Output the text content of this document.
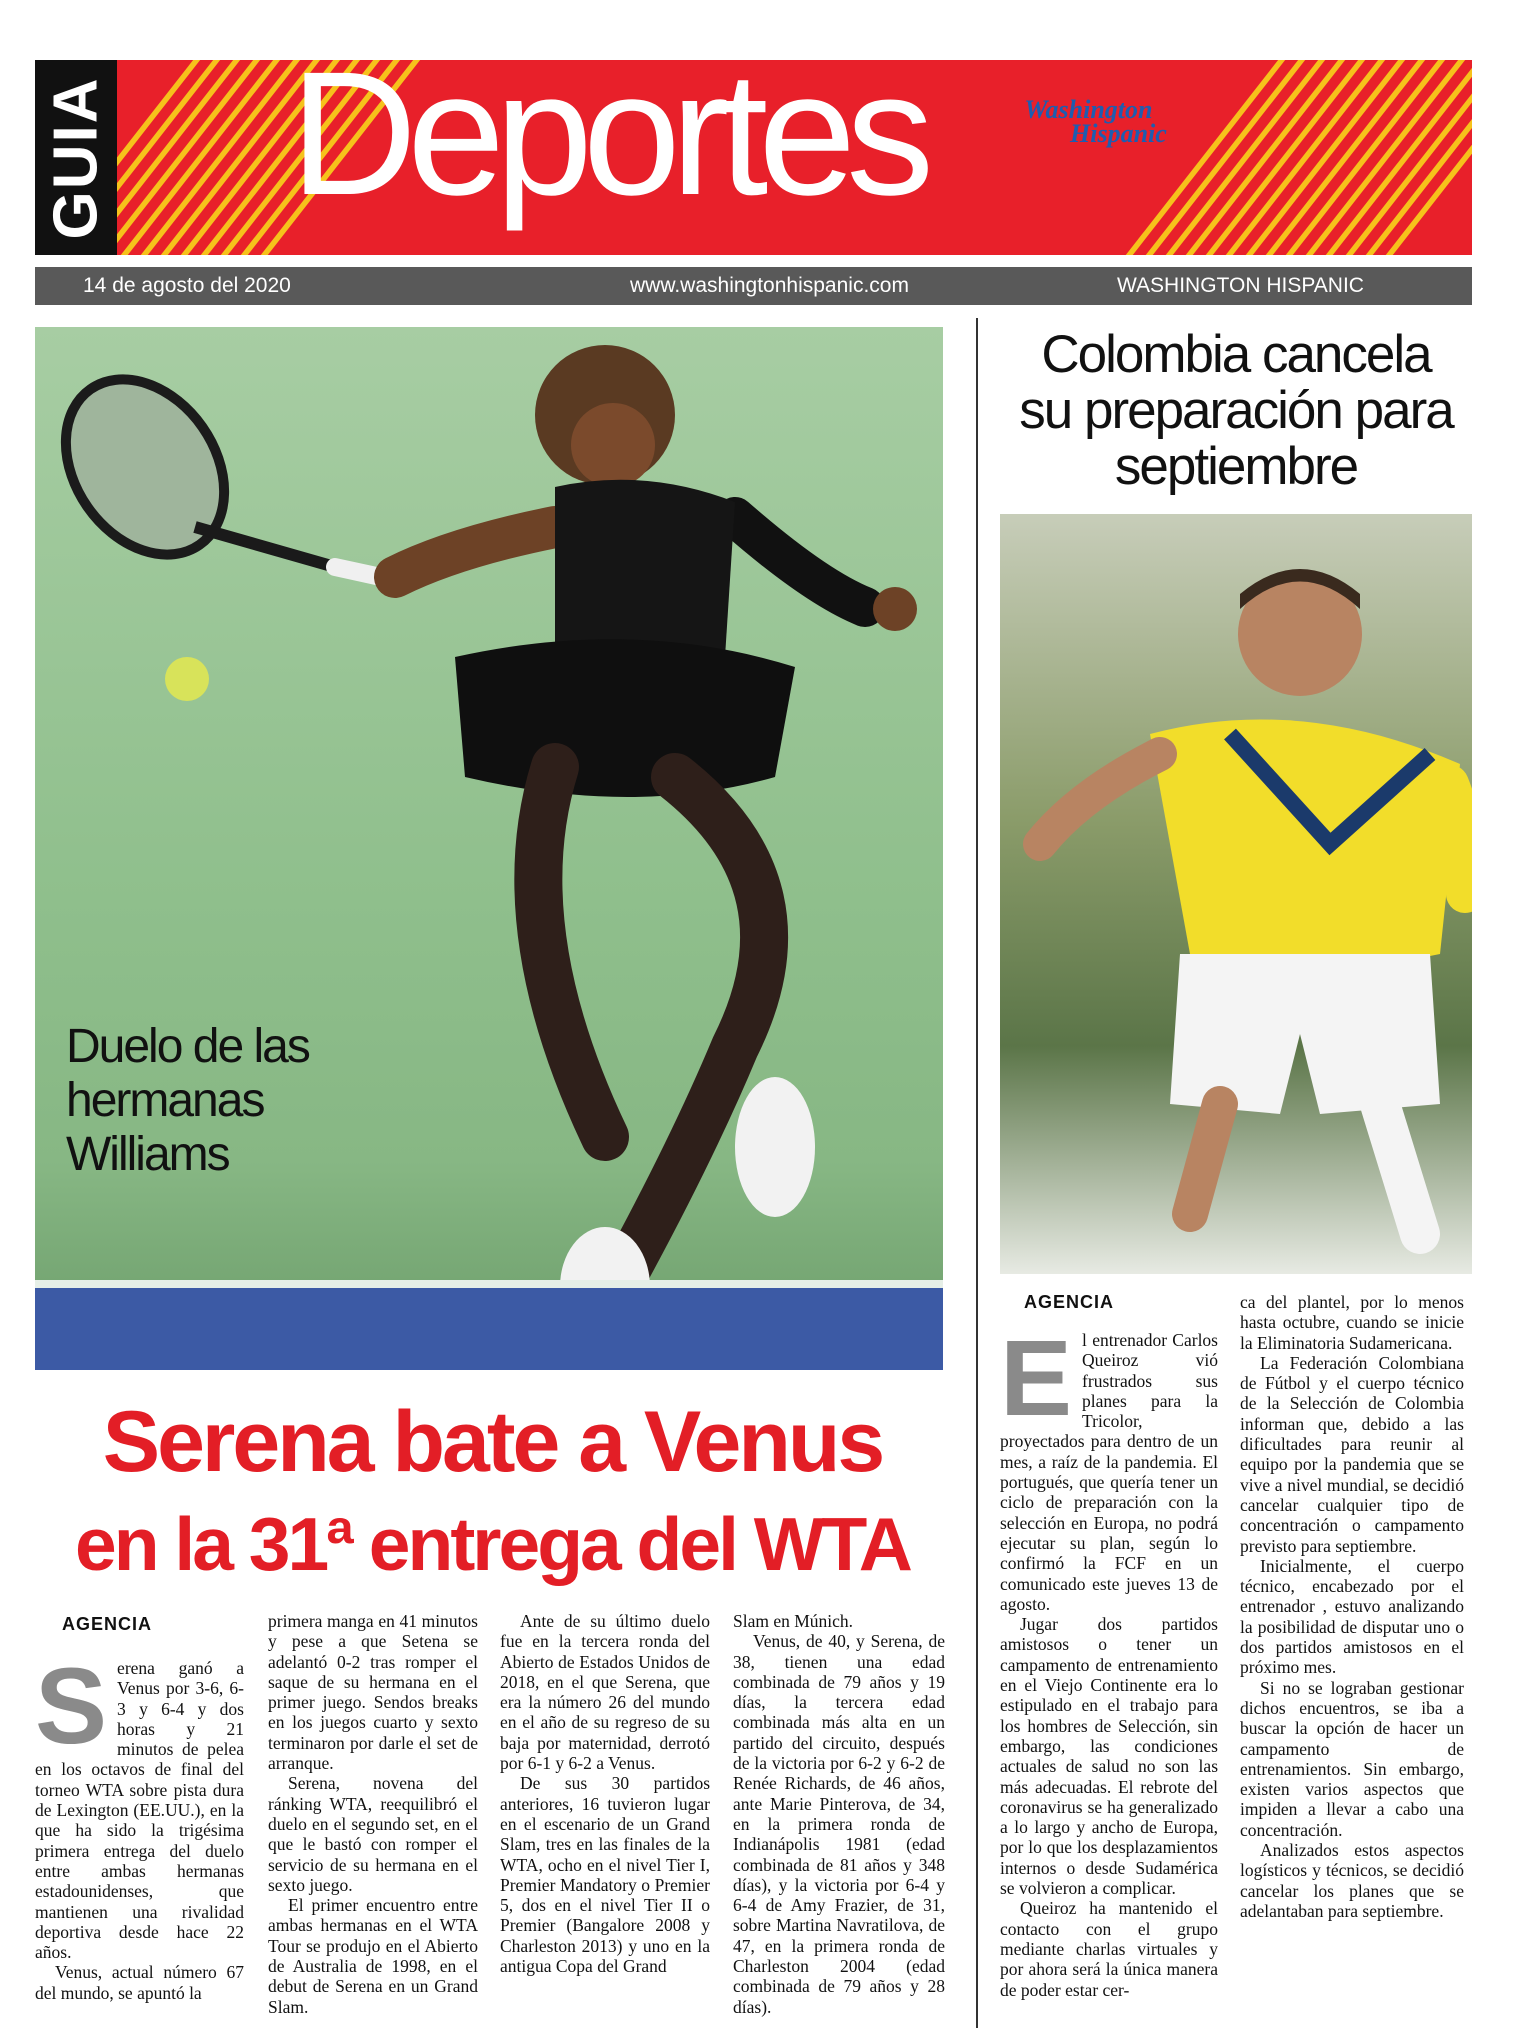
GUIA Deportes	Washington
Hispanic
14 de agosto del 2020	www.washingtonhispanic.com	WASHINGTON HISPANIC
Duelo de las
hermanas
Williams
Colombia cancela
su preparación para
septiembre
Serena bate a Venus
en la 31ª entrega del WTA
AGENCIA
S erena ganó a Venus por 3-6, 6-3 y 6-4 y dos horas y 21 minutos de pelea en los octavos de final del torneo WTA sobre pista dura de Lexington (EE.UU.), en la que ha sido la trigésima primera entrega del duelo entre ambas hermanas estadounidenses, que mantienen una rivalidad deportiva desde hace 22 años.

Venus, actual número 67 del mundo, se apuntó la

primera manga en 41 minutos y pese a que Setena se adelantó 0-2 tras romper el saque de su hermana en el primer juego. Sendos breaks en los juegos cuarto y sexto terminaron por darle el set de arranque.

Serena, novena del ránking WTA, reequilibró el duelo en el segundo set, en el que le bastó con romper el servicio de su hermana en el sexto juego.

El primer encuentro entre ambas hermanas en el WTA Tour se produjo en el Abierto de Australia de 1998, en el debut de Serena en un Grand Slam.

Ante de su último duelo fue en la tercera ronda del Abierto de Estados Unidos de 2018, en el que Serena, que era la número 26 del mundo en el año de su regreso de su baja por maternidad, derrotó por 6-1 y 6-2 a Venus.

De sus 30 partidos anteriores, 16 tuvieron lugar en el escenario de un Grand Slam, tres en las finales de la WTA, ocho en el nivel Tier I, Premier Mandatory o Premier 5, dos en el nivel Tier II o Premier (Bangalore 2008 y Charleston 2013) y uno en la antigua Copa del Grand

Slam en Múnich.

Venus, de 40, y Serena, de 38, tienen una edad combinada de 79 años y 19 días, la tercera edad combinada más alta en un partido del circuito, después de la victoria por 6-2 y 6-2 de Renée Richards, de 46 años, ante Marie Pinterova, de 34, en la primera ronda de Indianápolis 1981 (edad combinada de 81 años y 348 días), y la victoria por 6-4 y 6-4 de Amy Frazier, de 31, sobre Martina Navratilova, de 47, en la primera ronda de Charleston 2004 (edad combinada de 79 años y 28 días).

AGENCIA
E l entrenador Carlos Queiroz vió frustrados sus planes para la Tricolor, proyectados para dentro de un mes, a raíz de la pandemia. El portugués, que quería tener un ciclo de preparación con la selección en Europa, no podrá ejecutar su plan, según lo confirmó la FCF en un comunicado este jueves 13 de agosto.

Jugar dos partidos amistosos o tener un campamento de entrenamiento en el Viejo Continente era lo estipulado en el trabajo para los hombres de Selección, sin embargo, las condiciones actuales de salud no son las más adecuadas. El rebrote del coronavirus se ha generalizado a lo largo y ancho de Europa, por lo que los desplazamientos internos o desde Sudamérica se volvieron a complicar.

Queiroz ha mantenido el contacto con el grupo mediante charlas virtuales y por ahora será la única manera de poder estar cer-

ca del plantel, por lo menos hasta octubre, cuando se inicie la Eliminatoria Sudamericana.

La Federación Colombiana de Fútbol y el cuerpo técnico de la Selección de Colombia informan que, debido a las dificultades para reunir al equipo por la pandemia que se vive a nivel mundial, se decidió cancelar cualquier tipo de concentración o campamento previsto para septiembre.

Inicialmente, el cuerpo técnico, encabezado por el entrenador , estuvo analizando la posibilidad de disputar uno o dos partidos amistosos en el próximo mes.

Si no se lograban gestionar dichos encuentros, se iba a buscar la opción de hacer un campamento de entrenamientos. Sin embargo, existen varios aspectos que impiden a llevar a cabo una concentración.

Analizados estos aspectos logísticos y técnicos, se decidió cancelar los planes que se adelantaban para septiembre.
